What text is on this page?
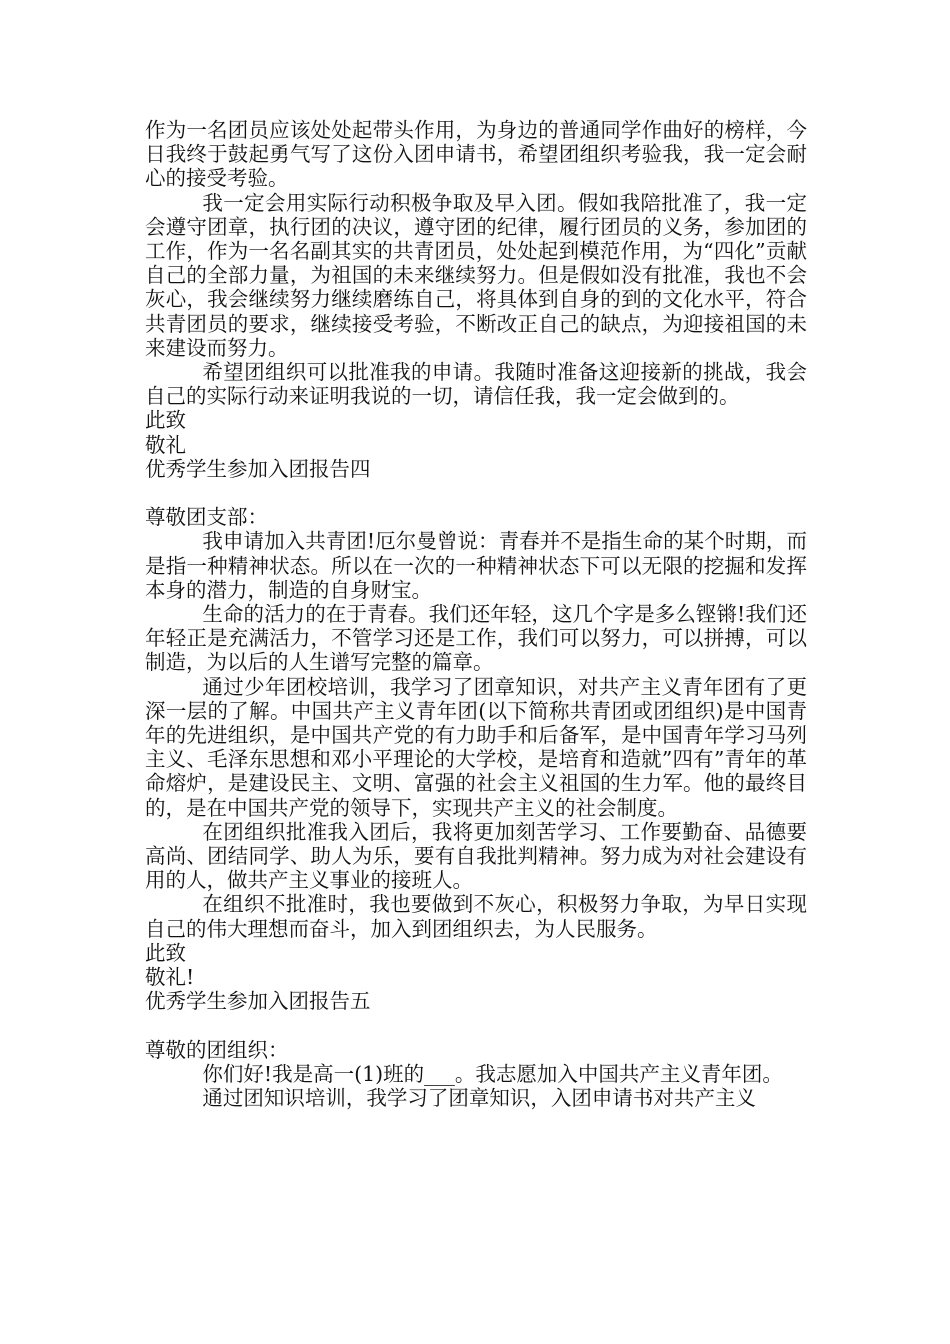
作为一名团员应该处处起带头作用，为身边的普通同学作曲好的榜样，今日我终于鼓起勇气写了这份入团申请书，希望团组织考验我，我一定会耐心的接受考验。

我一定会用实际行动积极争取及早入团。假如我陪批准了，我一定会遵守团章，执行团的决议，遵守团的纪律，履行团员的义务，参加团的工作，作为一名名副其实的共青团员，处处起到模范作用，为“四化”贡献自己的全部力量，为祖国的未来继续努力。但是假如没有批准，我也不会灰心，我会继续努力继续磨练自己，将具体到自身的到的文化水平，符合共青团员的要求，继续接受考验，不断改正自己的缺点，为迎接祖国的未来建设而努力。

希望团组织可以批准我的申请。我随时准备这迎接新的挑战，我会自己的实际行动来证明我说的一切，请信任我，我一定会做到的。

此致

敬礼

优秀学生参加入团报告四

尊敬团支部：

我申请加入共青团!厄尔曼曾说：青春并不是指生命的某个时期，而是指一种精神状态。所以在一次的一种精神状态下可以无限的挖掘和发挥本身的潜力，制造的自身财宝。

生命的活力的在于青春。我们还年轻，这几个字是多么铿锵!我们还年轻正是充满活力，不管学习还是工作，我们可以努力，可以拼搏，可以制造，为以后的人生谱写完整的篇章。

通过少年团校培训，我学习了团章知识，对共产主义青年团有了更深一层的了解。中国共产主义青年团(以下简称共青团或团组织)是中国青年的先进组织，是中国共产党的有力助手和后备军，是中国青年学习马列主义、毛泽东思想和邓小平理论的大学校，是培育和造就”四有”青年的革命熔炉，是建设民主、文明、富强的社会主义祖国的生力军。他的最终目的，是在中国共产党的领导下，实现共产主义的社会制度。

在团组织批准我入团后，我将更加刻苦学习、工作要勤奋、品德要高尚、团结同学、助人为乐，要有自我批判精神。努力成为对社会建设有用的人，做共产主义事业的接班人。

在组织不批准时，我也要做到不灰心，积极努力争取，为早日实现自己的伟大理想而奋斗，加入到团组织去，为人民服务。

此致

敬礼!

优秀学生参加入团报告五

尊敬的团组织：

你们好!我是高一(1)班的___。我志愿加入中国共产主义青年团。

通过团知识培训，我学习了团章知识，入团申请书对共产主义
